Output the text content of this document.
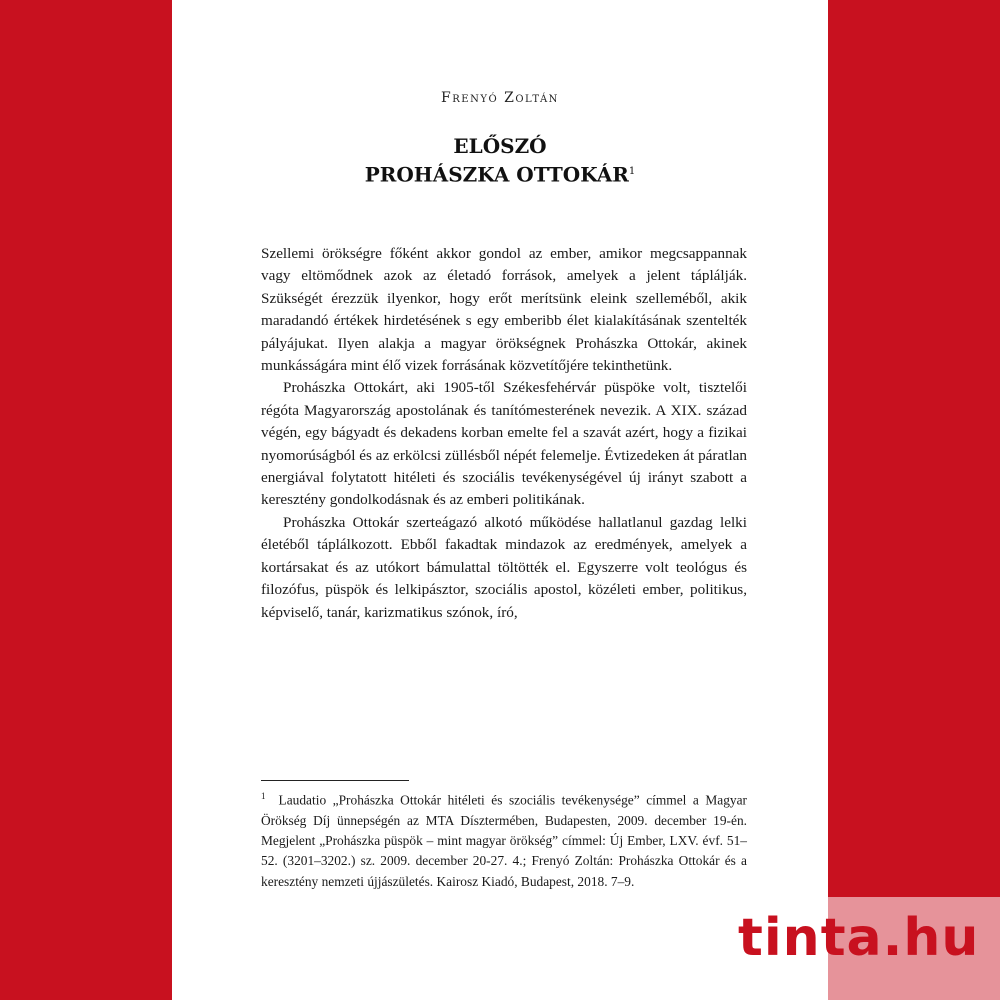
Frenyó Zoltán
ELŐSZÓ
PROHÁSZKA OTTOKÁR$^1$

Szellemi örökségre főként akkor gondol az ember, amikor megcsappannak vagy eltömődnek azok az életadó források, amelyek a jelent táplálják. Szükségét érezzük ilyenkor, hogy erőt merítsünk eleink szelleméből, akik maradandó értékek hirdetésének s egy emberibb élet kialakításának szentelték pályájukat. Ilyen alakja a magyar örökségnek Prohászka Ottokár, akinek munkásságára mint élő vizek forrásának közvetítőjére tekinthetünk.

Prohászka Ottokárt, aki 1905-től Székesfehérvár püspöke volt, tisztelői régóta Magyarország apostolának és tanítómesterének nevezik. A XIX. század végén, egy bágyadt és dekadens korban emelte fel a szavát azért, hogy a fizikai nyomorúságból és az erkölcsi züllésből népét felemelje. Évtizedeken át páratlan energiával folytatott hitéleti és szociális tevékenységével új irányt szabott a keresztény gondolkodásnak és az emberi politikának.

Prohászka Ottokár szerteágazó alkotó működése hallatlanul gazdag lelki életéből táplálkozott. Ebből fakadtak mindazok az eredmények, amelyek a kortársakat és az utókort bámulattal töltötték el. Egyszerre volt teológus és filozófus, püspök és lelkipásztor, szociális apostol, közéleti ember, politikus, képviselő, tanár, karizmatikus szónok, író,

$^1$ Laudatio „Prohászka Ottokár hitéleti és szociális tevékenysége” címmel a Magyar Örökség Díj ünnepségén az MTA Dísztermében, Budapesten, 2009. december 19-én. Megjelent „Prohászka püspök – mint magyar örökség” címmel: Új Ember, LXV. évf. 51–52. (3201–3202.) sz. 2009. december 20-27. 4.; Frenyó Zoltán: Prohászka Ottokár és a keresztény nemzeti újjászületés. Kairosz Kiadó, Budapest, 2018. 7–9.
tinta.hu
